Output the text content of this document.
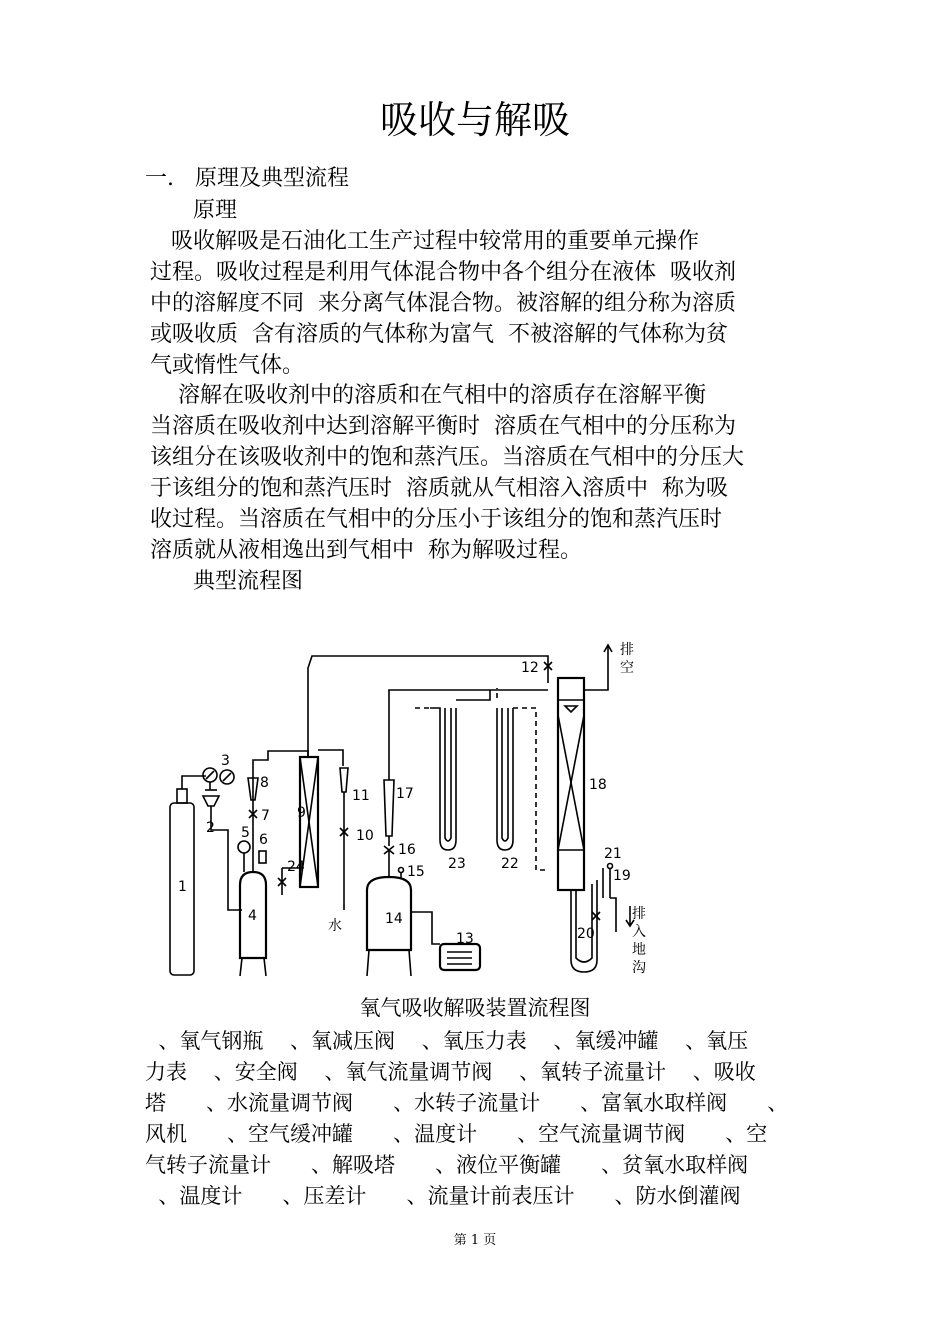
吸收与解吸
一.   原理及典型流程
原理
吸收解吸是石油化工生产过程中较常用的重要单元操作
过程。吸收过程是利用气体混合物中各个组分在液体  吸收剂
中的溶解度不同  来分离气体混合物。被溶解的组分称为溶质
或吸收质  含有溶质的气体称为富气  不被溶解的气体称为贫
气或惰性气体。
溶解在吸收剂中的溶质和在气相中的溶质存在溶解平衡
当溶质在吸收剂中达到溶解平衡时  溶质在气相中的分压称为
该组分在该吸收剂中的饱和蒸汽压。当溶质在气相中的分压大
于该组分的饱和蒸汽压时  溶质就从气相溶入溶质中  称为吸
收过程。当溶质在气相中的分压小于该组分的饱和蒸汽压时
溶质就从液相逸出到气相中  称为解吸过程。
典型流程图
1
2
3
4
5 6
7
8
9
10
11
12
13
14
15
16
17
18
19
20
21
22
23
24
排
空
水
排
入
地
沟
氧气吸收解吸装置流程图
、氧气钢瓶    、氧减压阀    、氧压力表    、氧缓冲罐    、氧压
力表    、安全阀    、氧气流量调节阀    、氧转子流量计    、吸收
塔      、水流量调节阀      、水转子流量计      、富氧水取样阀      、
风机      、空气缓冲罐      、温度计      、空气流量调节阀      、空
气转子流量计      、解吸塔      、液位平衡罐      、贫氧水取样阀
、温度计      、压差计      、流量计前表压计      、防水倒灌阀
第 1 页
